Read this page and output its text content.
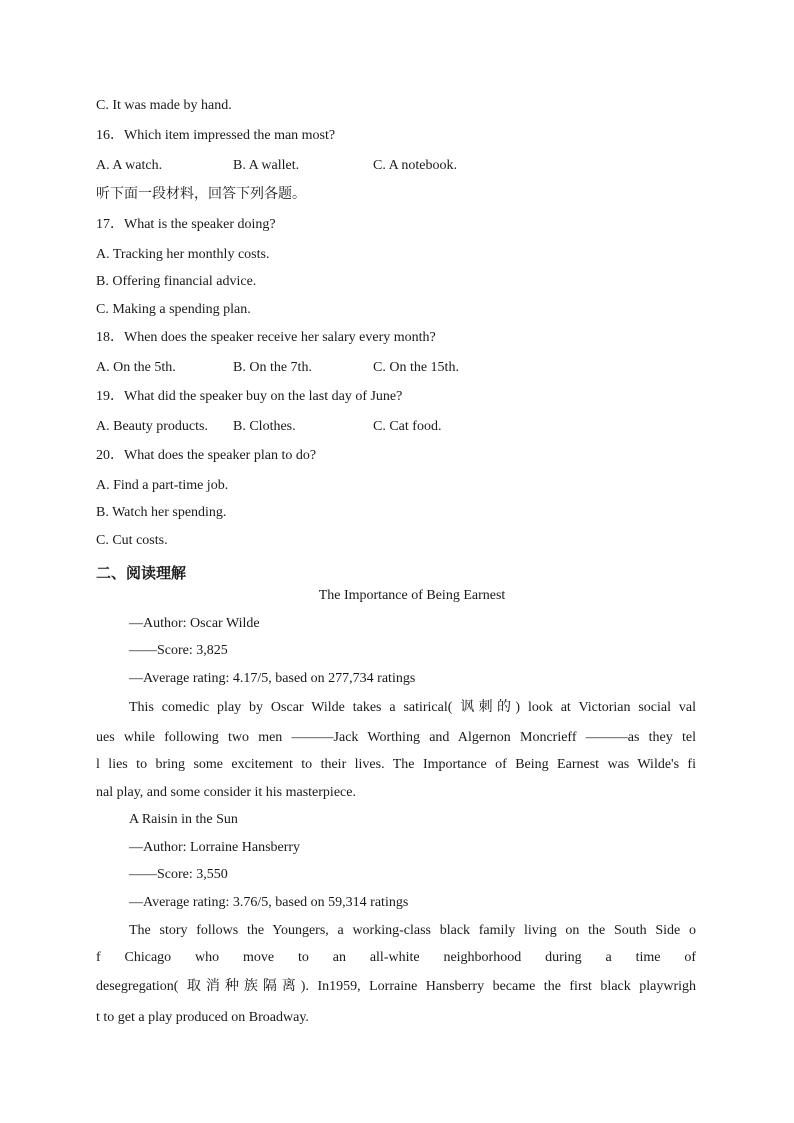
C. It was made by hand.
16．Which item impressed the man most?
A. A watch.	B. A wallet.	C. A notebook.
听下面一段材料，回答下列各题。
17．What is the speaker doing?
A. Tracking her monthly costs.
B. Offering financial advice.
C. Making a spending plan.
18．When does the speaker receive her salary every month?
A. On the 5th.	B. On the 7th.	C. On the 15th.
19．What did the speaker buy on the last day of June?
A. Beauty products. B. Clothes.	C. Cat food.
20．What does the speaker plan to do?
A. Find a part-time job.
B. Watch her spending.
C. Cut costs.
二、阅读理解
The Importance of Being Earnest
—Author: Oscar Wilde
——Score: 3,825
—Average rating: 4.17/5, based on 277,734 ratings
This comedic play by Oscar Wilde takes a satirical( 讽刺的) look at Victorian social val
ues while following two men ———Jack Worthing and Algernon Moncrieff ———as they tel
l lies to bring some excitement to their lives. The Importance of Being Earnest was Wilde's fi
nal play, and some consider it his masterpiece.
A Raisin in the Sun
—Author: Lorraine Hansberry
——Score: 3,550
—Average rating: 3.76/5, based on 59,314 ratings
The story follows the Youngers, a working-class black family living on the South Side o
f Chicago who move to an all-white neighborhood during a time of
desegregation( 取消种族隔离). In1959, Lorraine Hansberry became the first black playwrigh
t to get a play produced on Broadway.
